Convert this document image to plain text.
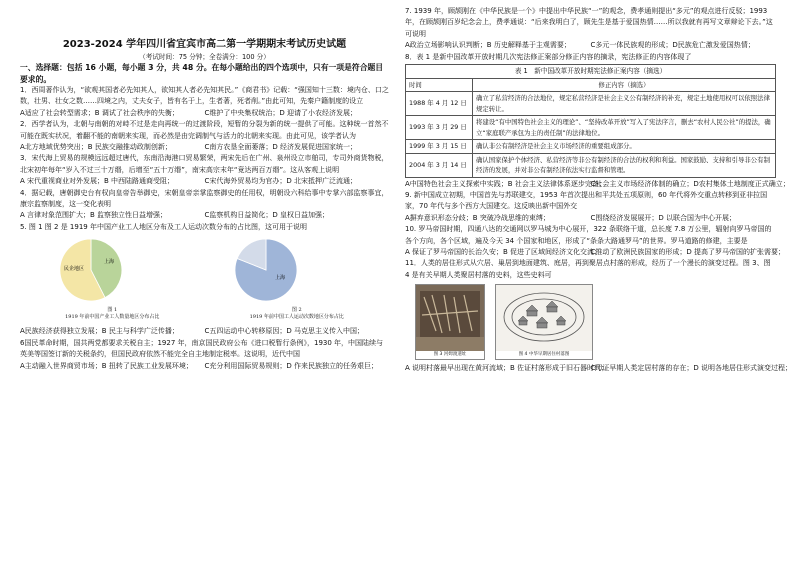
2023-2024 学年四川省宜宾市高二第一学期期末考试历史试题
（考试时间：75 分钟；全卷满分：100 分）
一、选择题：包括 16 小题，每小题 3 分，共 48 分。在每小题给出的四个选项中，只有一项是符合题目要求的。

1．西周著作认为，“欲观其国者必先知其人，欲知其人者必先知其民。”《商君书》记载：“强国知十三数：境内仓、口之数，壮男、壮女之数……四境之内，丈夫女子，皆有名于上，生者著，死者削。”由此可知，先秦户籍制度的设立

A适应了社会转型需求；B 调试了社会秩序的失衡；	C维护了中央集权统治；D 迎请了小农经济发展；

2．西学者认为，北朝与南朝的对峙不过是走向再统一的过渡阶段，短暂的分裂为新的统一提供了可能。这种统一首然不可能在既实状况，着翻不能的南朝来实现，而必然是由完调制气与活力的北朝来实现。由此可见，该学者认为

A北方地域优势突出；B 民族交融推动政制创新；	C南方农垦全面萎落；D 经济发展促进国家统一；

3．宋代海上贸易的规模远远超过唐代，东南沿海港口贸易繁荣，两宋先后在广州、泉州设立市舶司，专司外商货物税，北宋初年每年“岁入不过三十万缗，后增至“五十万缗”，南宋高宗末年“竟达两百万缗”。这从客观上说明

A 宋代重视商业对外发展；B 中西陆路通商受阻；	C宋代海外贸易均为官办；D 北宋抵押广泛流通；

4．据记载，唐朝御史台有权向皇帝告举御史，宋朝皇帝亲掌监察御史的任用权，明朝设六科给事中专掌六部监察事宜，康宗监察制度，这一变化表明

A 言律对象范围扩大；B 监察独立性日益增强；	C监察机构日益简化；D 皇权日益加强；

5. 图 1 图 2 是 1919 年中国产业工人地区分布及工人运动次数分布的占比图，这可用于说明

民企地区
上海
图 1
1919 年前中国产业工人数量地区分布占比
上海
图 2
1919 年前中国工人运动次数地区分布占比
A民族经济获得独立发展；B 民主与科学广泛传播；	C五四运动中心转移原因；D 马克思主义传入中国；

6国民革命时期，国共两党都要求关税自主；1927 年，南京国民政府公布《进口税暂行条例》，1930 年，中国陆续与英美等国签订新的关税条约，但国民政府依然不能完全自主地制定税率。这说明，近代中国

A主动融入世界商贸市场；B 扭转了民族工业发展环境；	C充分利用国际贸易规则；D 作来民族独立的任务艰巨；

7. 1939 年，顾颉刚在《中华民族是一个》中提出中华民族“一”的观念，费孝通则提出“多元”的观点进行反驳；1993 年，在顾颉刚百岁纪念会上，费孝通说：“后来我明白了，顾先生是基于爱国热情……所以我就有再写文章辩论下去。”这可说明

A政治立场影响认识判断；B 历史解释基于主观需要；	C多元一体民族观的形成；D民族危亡激发爱国热情；

8．表 1 是新中国改革开放时期几次宪法修正案部分修正内容的摘录，宪法修正的内容体现了

表 1　新中国改革开放时期宪法修正案内容（摘选）	
时间	修正内容（摘选）
1988 年 4 月 12 日	确立了私营经济的合法地位，规定私营经济是社会主义公有制经济的补充，规定土地使用权可以依照法律规定转让。
1993 年 3 月 29 日	将建设“有中国特色社会主义的理论”、“坚持改革开放”写入了宪法序言，删去“农村人民公社”的提法，确立“家庭联产承包为主的责任制”的法律地位。
1999 年 3 月 15 日	确认非公有制经济是社会主义市场经济的重要组成部分。
2004 年 3 月 14 日	确认国家保护个体经济、私营经济等非公有制经济的合法的权利和利益。国家鼓励、支持和引导非公有制经济的发展，并对非公有制经济依法实行监督和管理。
A中国特色社会主义探索中实践；B 社会主义法律体系逐步完备；
C社会主义市场经济体制的确立；D农村集体土地制度正式确立；

9. 新中国成立初期，中国首先与苏联建交，1953 年首次提出和平共处五项原则，60 年代将外交重点转移到亚非拉国家，70 年代与多个西方大国建交。这反映出新中国外交

A摒弃意识形态分歧；B 突破冷战思维的束缚；	C围绕经济发展展开；D 以联合国为中心开展；

10. 罗马帝国时期，四通八达的交通网以罗马城为中心展开，322 条联络干道，总长度 7.8 万公里，辐射向罗马帝国的各个方向，各个区域，遍及今天 34 个国家和地区，形成了“条条大路通罗马”的世界。罗马道路的修建，主要是

A 保证了罗马帝国的长治久安；B 促进了区域间经济文化交流；
C推动了欧洲民族国家的形成；D 提高了罗马帝国的扩张需要；

11．人类的居住形式从穴居、巢居到地面建筑、庭居，再到聚居点村落的形成，经历了一个漫长的演变过程。图 3、图 4 是有关早期人类聚居村落的史料，这些史料可

图 3 河姆渡遗址	图 4 中华早期居住村落图
A 说明村落最早出现在黄河流域；B 佐证村落形成于旧石器时代；
C印证早期人类定居村落的存在；D 说明各地居住形式演变过程；
